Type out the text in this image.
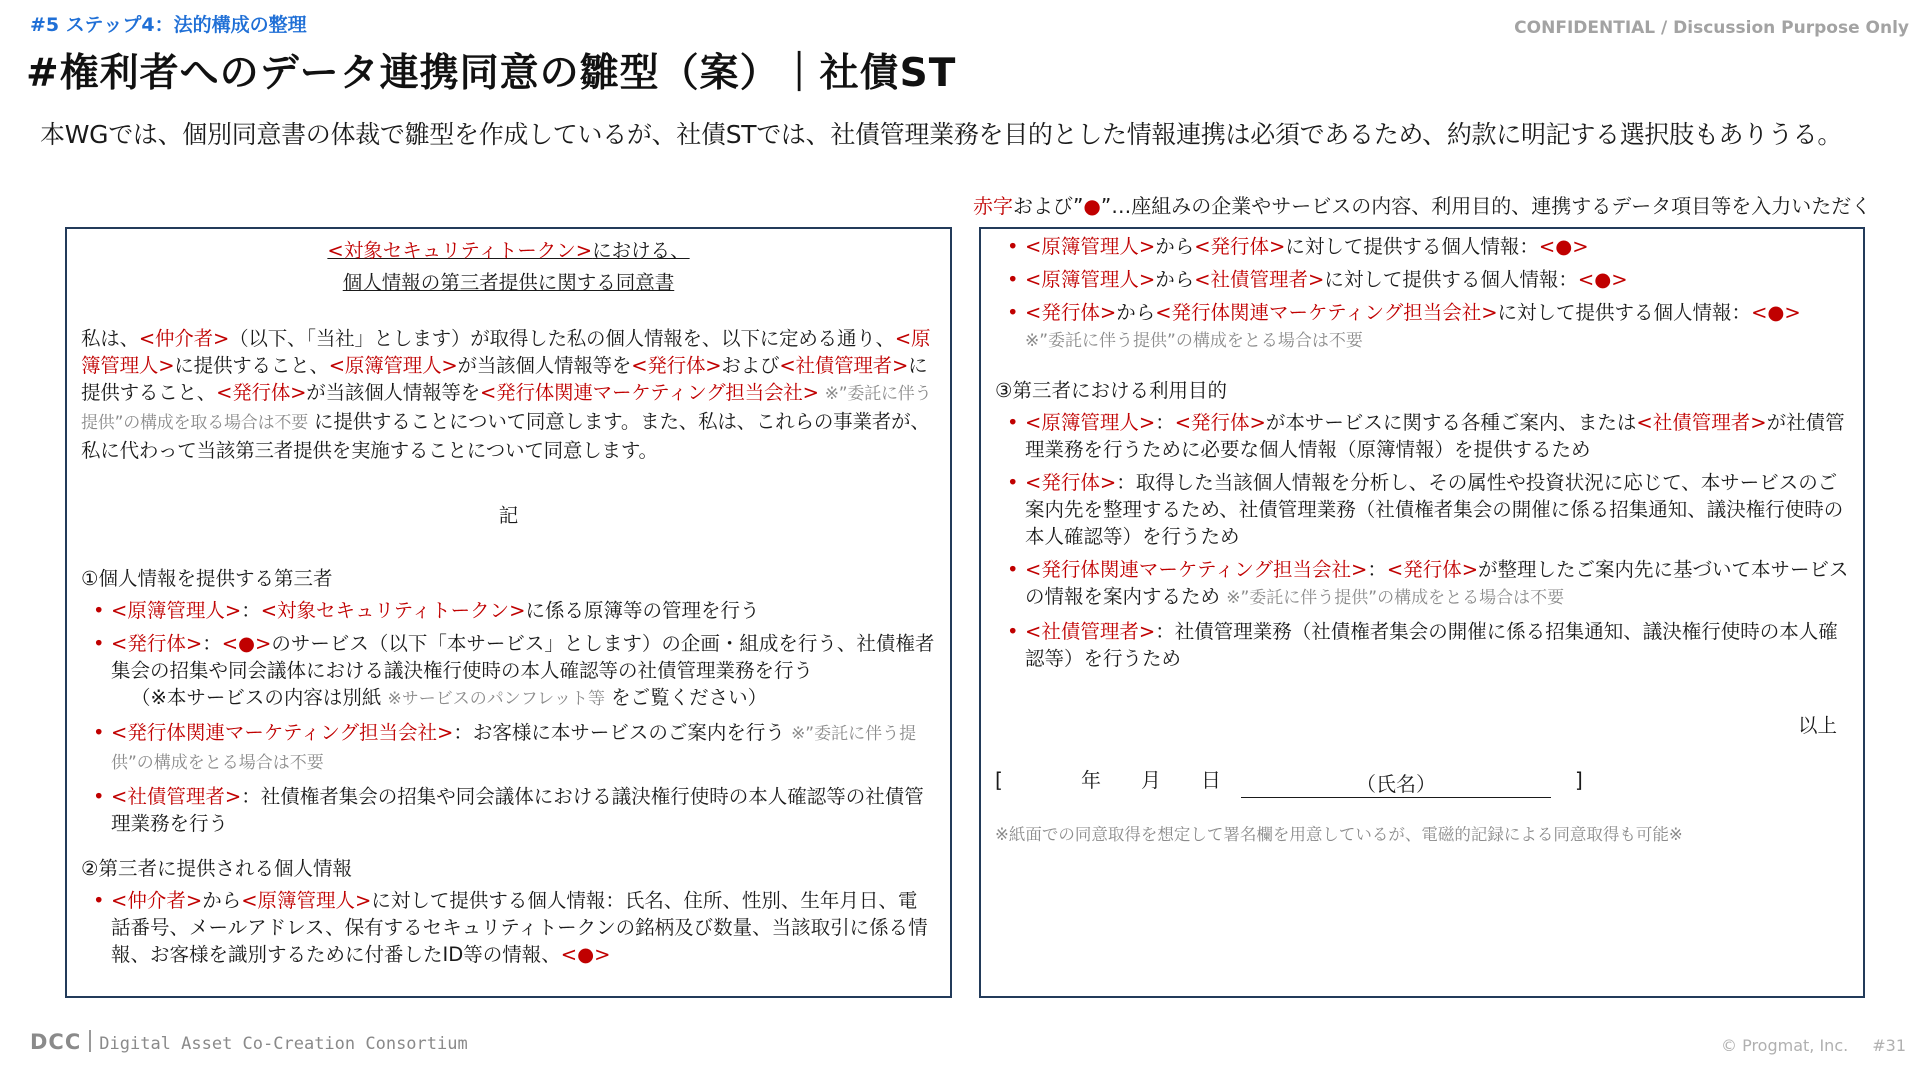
#5 ステップ4：法的構成の整理	CONFIDENTIAL / Discussion Purpose Only
#権利者へのデータ連携同意の雛型（案）｜社債ST
本WGでは、個別同意書の体裁で雛型を作成しているが、社債STでは、社債管理業務を目的とした情報連携は必須であるため、約款に明記する選択肢もありうる。
赤字および”●”…座組みの企業やサービスの内容、利用目的、連携するデータ項目等を入力いただく
<対象セキュリティトークン>における、
個人情報の第三者提供に関する同意書
私は、<仲介者>（以下、「当社」とします）が取得した私の個人情報を、以下に定める通り、<原簿管理人>に提供すること、<原簿管理人>が当該個人情報等を<発行体>および<社債管理者>に提供すること、<発行体>が当該個人情報等を<発行体関連マーケティング担当会社> ※”委託に伴う提供”の構成を取る場合は不要 に提供することについて同意します。また、私は、これらの事業者が、私に代わって当該第三者提供を実施することについて同意します。
記
①個人情報を提供する第三者
• <原簿管理人>：<対象セキュリティトークン>に係る原簿等の管理を行う
• <発行体>：<●>のサービス（以下「本サービス」とします）の企画・組成を行う、社債権者集会の招集や同会議体における議決権行使時の本人確認等の社債管理業務を行う
（※本サービスの内容は別紙 ※サービスのパンフレット等 をご覧ください）
• <発行体関連マーケティング担当会社>：お客様に本サービスのご案内を行う ※”委託に伴う提供”の構成をとる場合は不要
• <社債管理者>：社債権者集会の招集や同会議体における議決権行使時の本人確認等の社債管理業務を行う
②第三者に提供される個人情報
• <仲介者>から<原簿管理人>に対して提供する個人情報：氏名、住所、性別、生年月日、電話番号、メールアドレス、保有するセキュリティトークンの銘柄及び数量、当該取引に係る情報、お客様を識別するために付番したID等の情報、<●>
• <原簿管理人>から<発行体>に対して提供する個人情報：<●>
• <原簿管理人>から<社債管理者>に対して提供する個人情報：<●>
• <発行体>から<発行体関連マーケティング担当会社>に対して提供する個人情報：<●>
※”委託に伴う提供”の構成をとる場合は不要
③第三者における利用目的
• <原簿管理人>：<発行体>が本サービスに関する各種ご案内、または<社債管理者>が社債管理業務を行うために必要な個人情報（原簿情報）を提供するため
• <発行体>：取得した当該個人情報を分析し、その属性や投資状況に応じて、本サービスのご案内先を整理するため、社債管理業務（社債権者集会の開催に係る招集通知、議決権行使時の本人確認等）を行うため
• <発行体関連マーケティング担当会社>：<発行体>が整理したご案内先に基づいて本サービスの情報を案内するため ※”委託に伴う提供”の構成をとる場合は不要
• <社債管理者>：社債管理業務（社債権者集会の開催に係る招集通知、議決権行使時の本人確認等）を行うため
以上
[	年 月 日	（氏名）	]
※紙面での同意取得を想定して署名欄を用意しているが、電磁的記録による同意取得も可能※
DCC Digital Asset Co-Creation Consortium	© Progmat, Inc. #31
